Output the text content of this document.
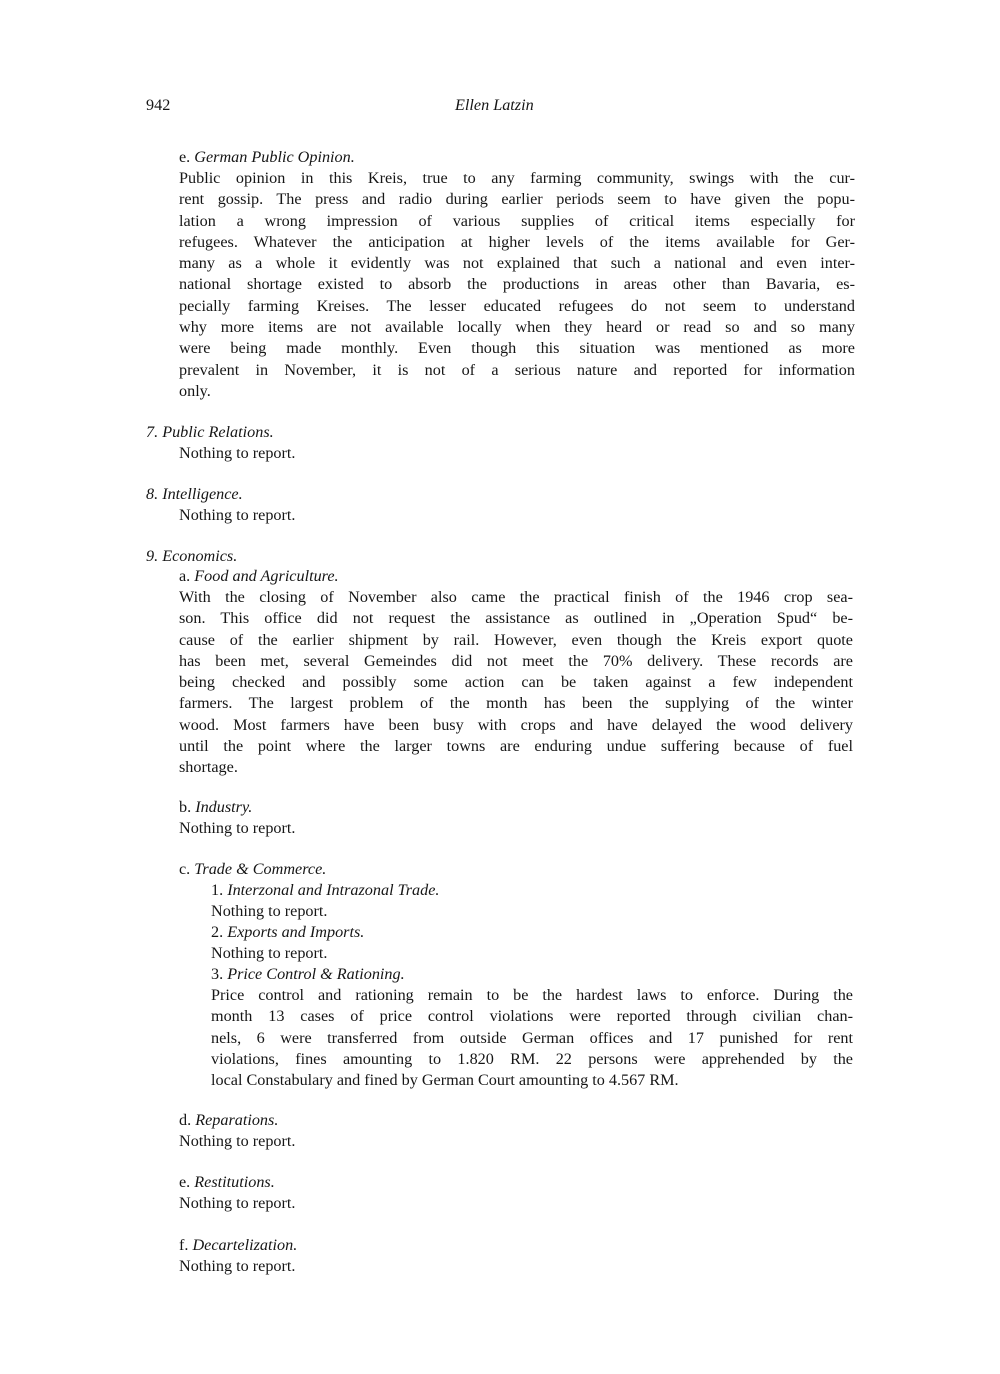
942	Ellen Latzin
e. German Public Opinion.
Public opinion in this Kreis, true to any farming community, swings with the cur-
rent gossip. The press and radio during earlier periods seem to have given the popu-
lation a wrong impression of various supplies of critical items especially for
refugees. Whatever the anticipation at higher levels of the items available for Ger-
many as a whole it evidently was not explained that such a national and even inter-
national shortage existed to absorb the productions in areas other than Bavaria, es-
pecially farming Kreises. The lesser educated refugees do not seem to understand
why more items are not available locally when they heard or read so and so many
were being made monthly. Even though this situation was mentioned as more
prevalent in November, it is not of a serious nature and reported for information
only.
7. Public Relations.
Nothing to report.
8. Intelligence.
Nothing to report.
9. Economics.
a. Food and Agriculture.
With the closing of November also came the practical finish of the 1946 crop sea-
son. This office did not request the assistance as outlined in „Operation Spud“ be-
cause of the earlier shipment by rail. However, even though the Kreis export quote
has been met, several Gemeindes did not meet the 70% delivery. These records are
being checked and possibly some action can be taken against a few independent
farmers. The largest problem of the month has been the supplying of the winter
wood. Most farmers have been busy with crops and have delayed the wood delivery
until the point where the larger towns are enduring undue suffering because of fuel
shortage.
b. Industry.
Nothing to report.
c. Trade & Commerce.
1. Interzonal and Intrazonal Trade.
Nothing to report.
2. Exports and Imports.
Nothing to report.
3. Price Control & Rationing.
Price control and rationing remain to be the hardest laws to enforce. During the
month 13 cases of price control violations were reported through civilian chan-
nels, 6 were transferred from outside German offices and 17 punished for rent
violations, fines amounting to 1.820 RM. 22 persons were apprehended by the
local Constabulary and fined by German Court amounting to 4.567 RM.
d. Reparations.
Nothing to report.
e. Restitutions.
Nothing to report.
f. Decartelization.
Nothing to report.
